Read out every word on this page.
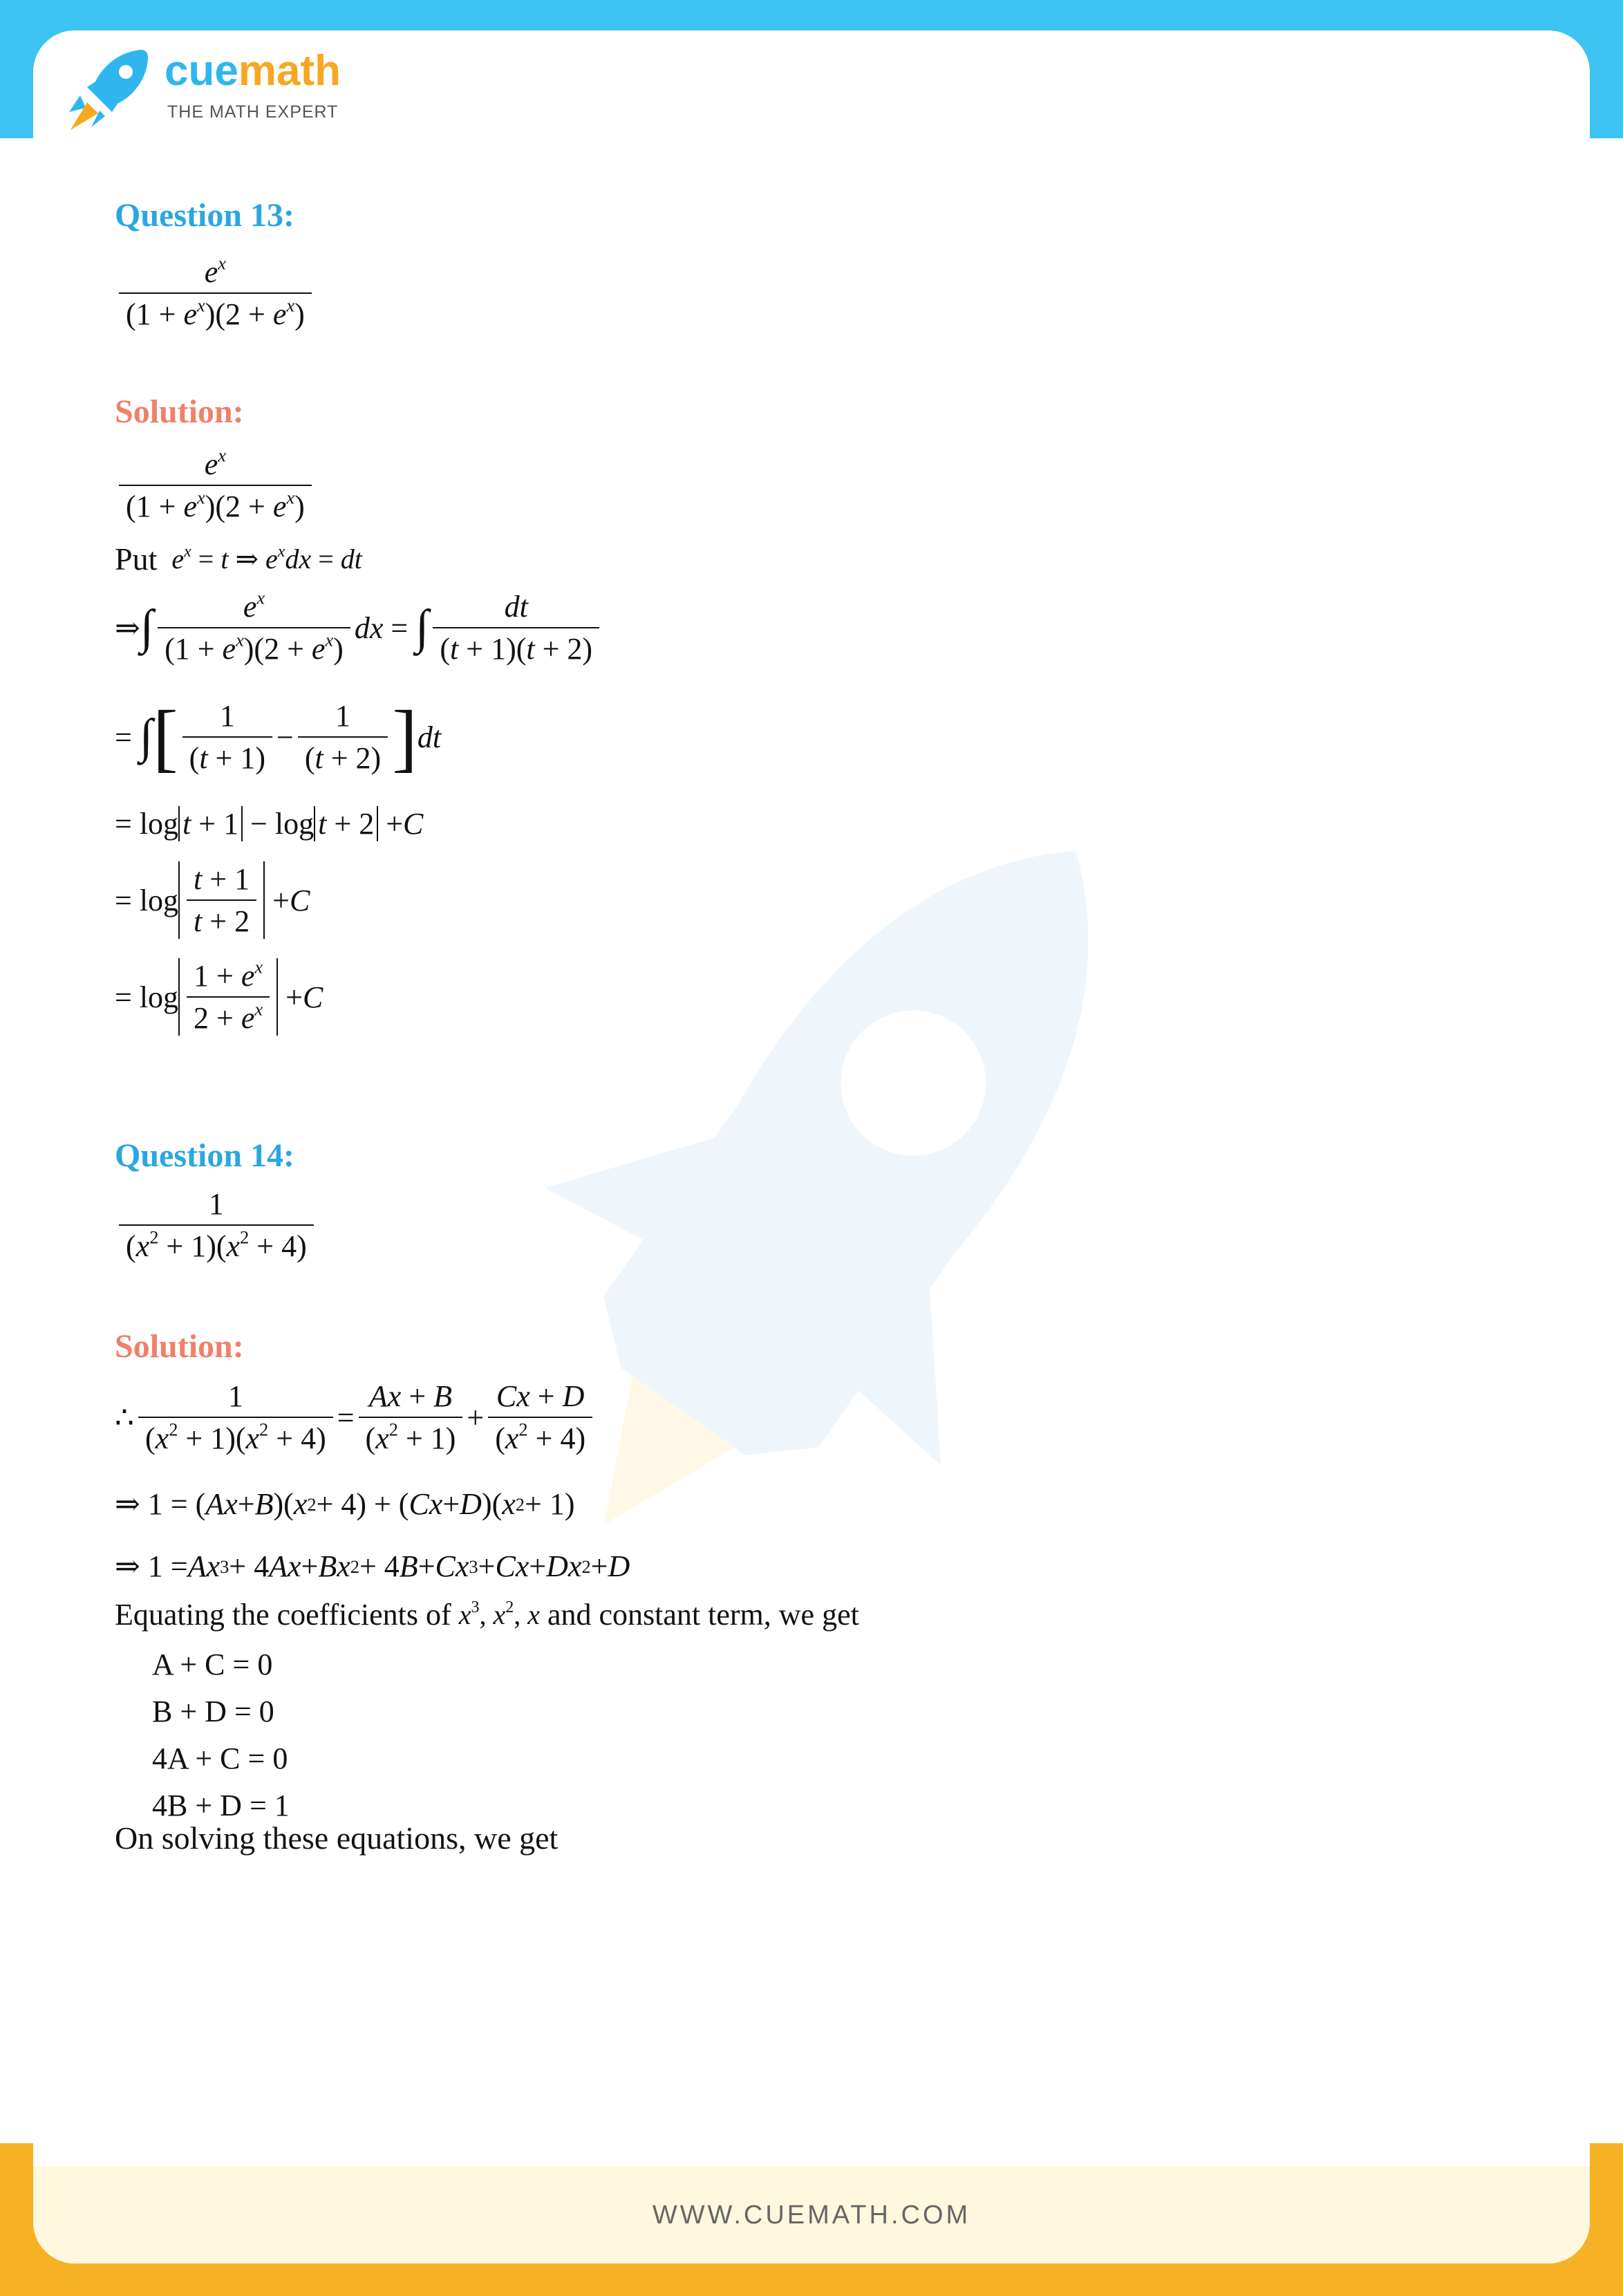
WWW.CUEMATH.COM
cuemath
THE MATH EXPERT
Question 13:
$\frac{e^x}{(1 + e^x)(2 + e^x)}$
Solution:
$\frac{e^x}{(1 + e^x)(2 + e^x)}$
Put
$e^x = t$ ⇒ $e^xdx$ = dt
⇒ ∫ $\frac{e^x}{(1 + e^x)(2 + e^x)}$ dx = ∫ $\frac{dt}{(t + 1)(t + 2)}$
= ∫ [ $\frac{1}{(t + 1)} - \frac{1}{(t + 2)}$ ] dt
= log t + 1 − log t + 2 + C
= $\log \frac{t + 1}{t + 2} + C$
= $\log \frac{1 + e^x}{2 + e^x} + C$
Question 14:
$\frac{1}{(x^2 + 1)(x^2 + 4)}$
Solution:
∴ $\frac{1}{(x^2 + 1)(x^2 + 4)} = \frac{Ax + B}{(x^2 + 1)} + \frac{Cx + D}{(x^2 + 4)}$
⇒ 1 = ( Ax + B )( x 2 + 4) + ( Cx + D )( x 2 + 1)
⇒ 1 = Ax 3 + 4 Ax + Bx 2 + 4 B + Cx 3 + Cx + Dx 2 + D
Equating the coefficients of
$x^3$, $x^2$, x
and constant term, we get
A + C = 0
B + D = 0
4A + C = 0
4B + D = 1
On solving these equations, we get
